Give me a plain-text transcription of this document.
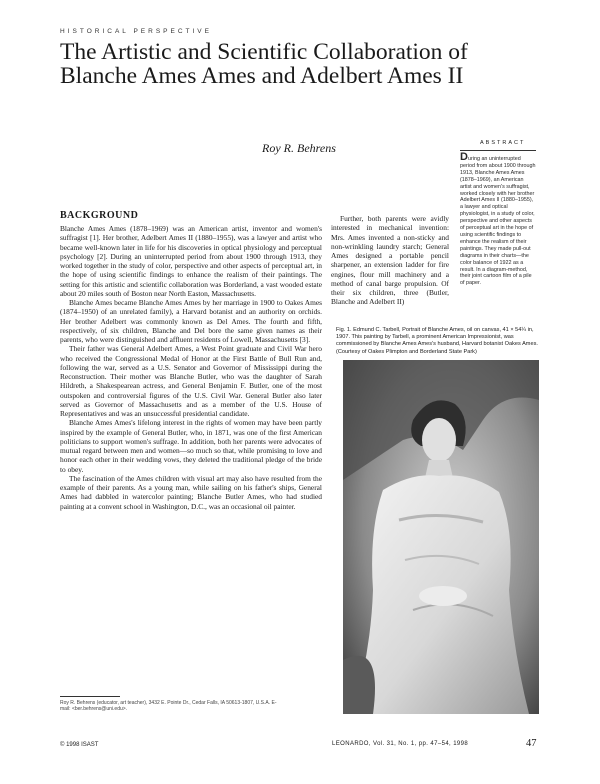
HISTORICAL PERSPECTIVE
The Artistic and Scientific Collaboration of Blanche Ames Ames and Adelbert Ames II
Roy R. Behrens	ABSTRACT
During an uninterrupted period from about 1900 through 1913, Blanche Ames Ames (1878–1969), an American artist and women's suffragist, worked closely with her brother Adelbert Ames II (1880–1955), a lawyer and optical physiologist, in a study of color, perspective and other aspects of perceptual art in the hope of using scientific findings to enhance the realism of their paintings. They made pull-out diagrams in their charts—the color balance of 1922 as a result. In a diagram-method, their joint cartoon film of a pile of paper.
BACKGROUND

Blanche Ames Ames (1878–1969) was an American artist, inventor and women's suffragist [1]. Her brother, Adelbert Ames II (1880–1955), was a lawyer and artist who became well-known later in life for his discoveries in optical physiology and perceptual psychology [2]. During an uninterrupted period from about 1900 through 1913, they worked together in the study of color, perspective and other aspects of perceptual art, in the hope of using scientific findings to enhance the realism of their paintings. The setting for this artistic and scientific collaboration was Borderland, a vast wooded estate about 20 miles south of Boston near North Easton, Massachusetts.

Blanche Ames became Blanche Ames Ames by her marriage in 1900 to Oakes Ames (1874–1950) of an unrelated family), a Harvard botanist and an authority on orchids. Her brother Adelbert was commonly known as Del Ames. The fourth and fifth, respectively, of six children, Blanche and Del bore the same given names as their parents, who were distinguished and affluent residents of Lowell, Massachusetts [3].

Their father was General Adelbert Ames, a West Point graduate and Civil War hero who received the Congressional Medal of Honor at the First Battle of Bull Run and, following the war, served as a U.S. Senator and Governor of Mississippi during the Reconstruction. Their mother was Blanche Butler, who was the daughter of Sarah Hildreth, a Shakespearean actress, and General Benjamin F. Butler, one of the most outspoken and controversial figures of the U.S. Civil War. General Butler also later served as Governor of Massachusetts and as a member of the U.S. House of Representatives and was an unsuccessful presidential candidate.

Blanche Ames Ames's lifelong interest in the rights of women may have been partly inspired by the example of General Butler, who, in 1871, was one of the first American politicians to support women's suffrage. In addition, both her parents were advocates of mutual regard between men and women—so much so that, while promising to love and honor each other in their wedding vows, they deleted the traditional pledge of the bride to obey.

The fascination of the Ames children with visual art may also have resulted from the example of their parents. As a young man, while sailing on his father's ships, General Ames had dabbled in watercolor painting; Blanche Butler Ames, who had studied painting at a convent school in Washington, D.C., was an occasional oil painter.

Further, both parents were avidly interested in mechanical invention: Mrs. Ames invented a non-sticky and non-wrinkling laundry starch; General Ames designed a portable pencil sharpener, an extension ladder for fire engines, flour mill machinery and a method of canal barge propulsion. Of their six children, three (Butler, Blanche and Adelbert II)

Fig. 1. Edmund C. Tarbell, Portrait of Blanche Ames, oil on canvas, 41 × 54¼ in, 1907. This painting by Tarbell, a prominent American Impressionist, was commissioned by Blanche Ames Ames's husband, Harvard botanist Oakes Ames. (Courtesy of Oakes Plimpton and Borderland State Park)
Roy R. Behrens (educator, art teacher), 3432 E. Pointe Dr., Cedar Falls, IA 50613-1807, U.S.A. E-mail: <ber.behrens@uni.edu>.
© 1998 ISAST	LEONARDO, Vol. 31, No. 1, pp. 47–54, 1998	47
